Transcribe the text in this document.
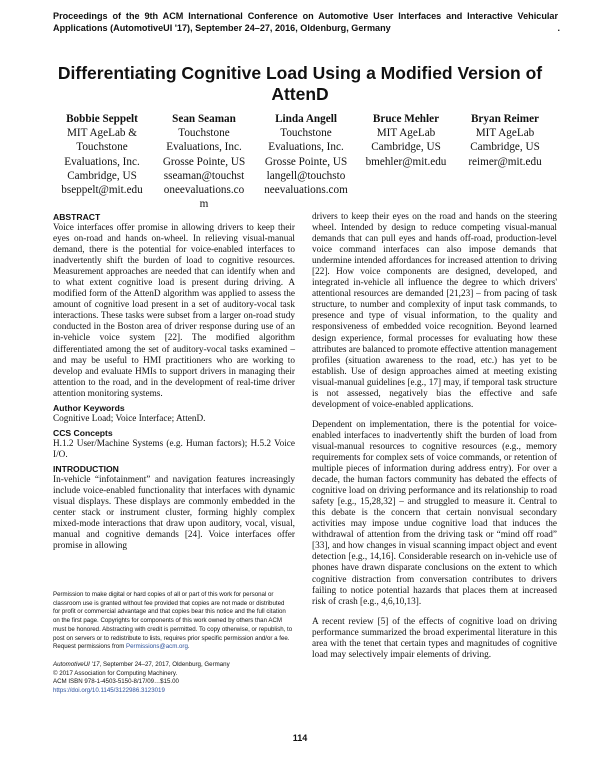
Proceedings of the 9th ACM International Conference on Automotive User Interfaces and Interactive Vehicular Applications (AutomotiveUI '17), September 24–27, 2016, Oldenburg, Germany	.
Differentiating Cognitive Load Using a Modified Version of AttenD
Bobbie Seppelt
MIT AgeLab &
Touchstone
Evaluations, Inc.
Cambridge, US
bseppelt@mit.edu
Sean Seaman
Touchstone
Evaluations, Inc.
Grosse Pointe, US
sseaman@touchst
oneevaluations.co
m
Linda Angell
Touchstone
Evaluations, Inc.
Grosse Pointe, US
langell@touchsto
neevaluations.com
Bruce Mehler
MIT AgeLab
Cambridge, US
bmehler@mit.edu
Bryan Reimer
MIT AgeLab
Cambridge, US
reimer@mit.edu
ABSTRACT

Voice interfaces offer promise in allowing drivers to keep their eyes on-road and hands on-wheel. In relieving visual-manual demand, there is the potential for voice-enabled interfaces to inadvertently shift the burden of load to cognitive resources. Measurement approaches are needed that can identify when and to what extent cognitive load is present during driving. A modified form of the AttenD algorithm was applied to assess the amount of cognitive load present in a set of auditory-vocal task interactions. These tasks were subset from a larger on-road study conducted in the Boston area of driver response during use of an in-vehicle voice system [22]. The modified algorithm differentiated among the set of auditory-vocal tasks examined – and may be useful to HMI practitioners who are working to develop and evaluate HMIs to support drivers in managing their attention to the road, and in the development of real-time driver attention monitoring systems.

Author Keywords

Cognitive Load; Voice Interface; AttenD.

CCS Concepts

H.1.2 User/Machine Systems (e.g. Human factors); H.5.2 Voice I/O.

INTRODUCTION

In-vehicle “infotainment” and navigation features increasingly include voice-enabled functionality that interfaces with dynamic visual displays. These displays are commonly embedded in the center stack or instrument cluster, forming highly complex mixed-mode interactions that draw upon auditory, vocal, visual, manual and cognitive demands [24]. Voice interfaces offer promise in allowing

Permission to make digital or hard copies of all or part of this work for personal or classroom use is granted without fee provided that copies are not made or distributed for profit or commercial advantage and that copies bear this notice and the full citation on the first page. Copyrights for components of this work owned by others than ACM must be honored. Abstracting with credit is permitted. To copy otherwise, or republish, to post on servers or to redistribute to lists, requires prior specific permission and/or a fee. Request permissions from Permissions@acm.org.

AutomotiveUI '17, September 24–27, 2017, Oldenburg, Germany

© 2017 Association for Computing Machinery.

ACM ISBN 978-1-4503-5150-8/17/09…$15.00

https://doi.org/10.1145/3122986.3123019

drivers to keep their eyes on the road and hands on the steering wheel. Intended by design to reduce competing visual-manual demands that can pull eyes and hands off-road, production-level voice command interfaces can also impose demands that undermine intended affordances for increased attention to driving [22]. How voice components are designed, developed, and integrated in-vehicle all influence the degree to which drivers' attentional resources are demanded [21,23] – from pacing of task structure, to number and complexity of input task commands, to presence and type of visual information, to the quality and responsiveness of embedded voice recognition. Beyond learned design experience, formal processes for evaluating how these attributes are balanced to promote effective attention management profiles (situation awareness to the road, etc.) has yet to be establish. Use of design approaches aimed at meeting existing visual-manual guidelines [e.g., 17] may, if temporal task structure is not assessed, negatively bias the effective and safe development of voice-enabled applications.

Dependent on implementation, there is the potential for voice-enabled interfaces to inadvertently shift the burden of load from visual-manual resources to cognitive resources (e.g., memory requirements for complex sets of voice commands, or retention of multiple pieces of information during address entry). For over a decade, the human factors community has debated the effects of cognitive load on driving performance and its relationship to road safety [e.g., 15,28,32] – and struggled to measure it. Central to this debate is the concern that certain nonvisual secondary activities may impose undue cognitive load that induces the withdrawal of attention from the driving task or “mind off road” [33], and how changes in visual scanning impact object and event detection [e.g., 14,16]. Considerable research on in-vehicle use of phones have drawn disparate conclusions on the extent to which cognitive distraction from conversation contributes to drivers failing to notice potential hazards that places them at increased risk of crash [e.g., 4,6,10,13].

A recent review [5] of the effects of cognitive load on driving performance summarized the broad experimental literature in this area with the tenet that certain types and magnitudes of cognitive load may selectively impair elements of driving.

114
